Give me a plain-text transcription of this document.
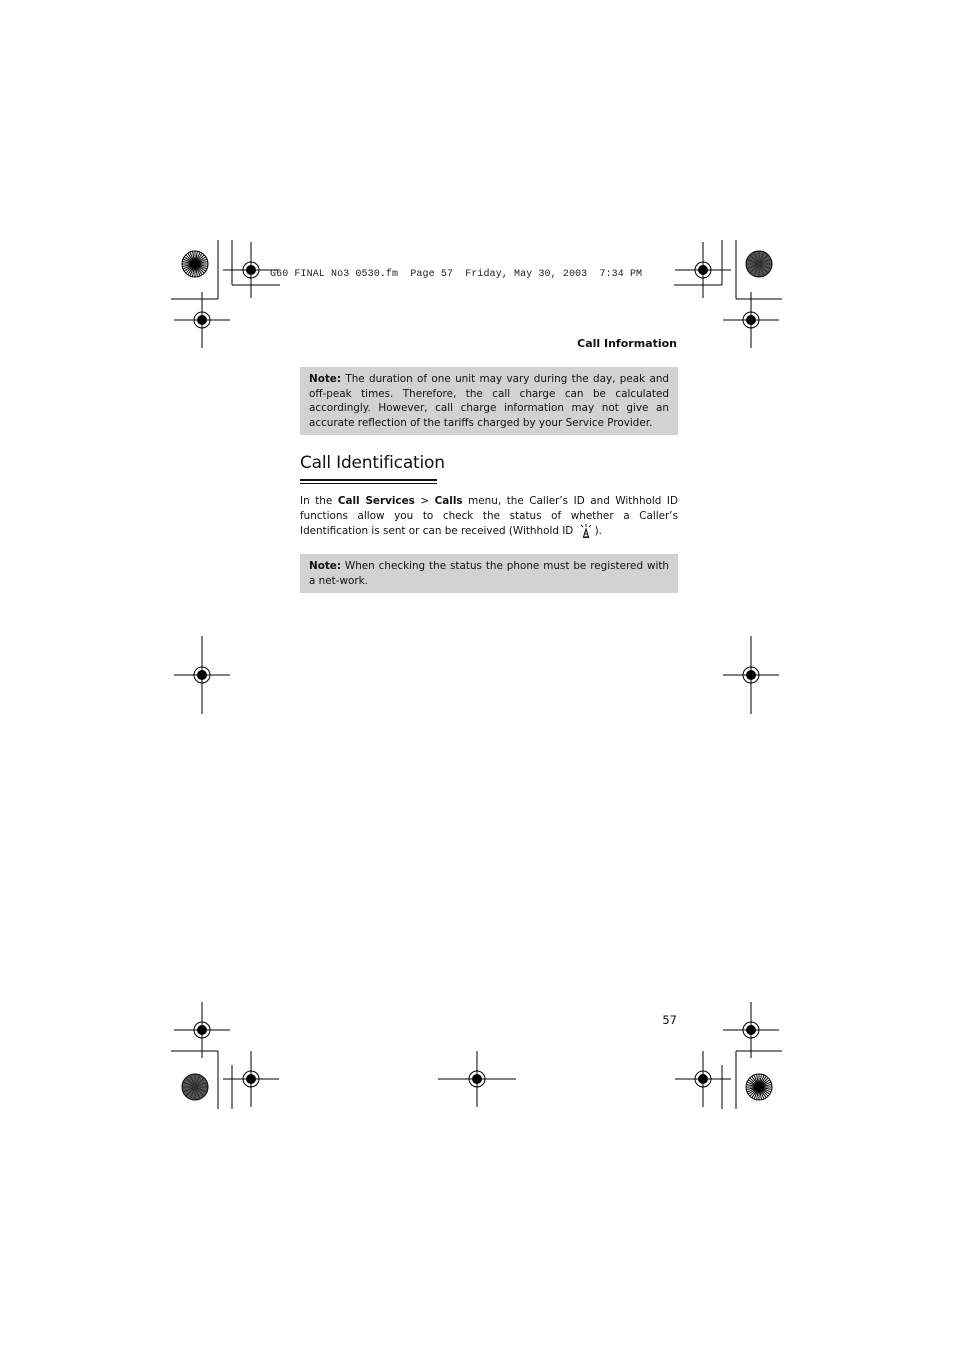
G60 FINAL No3 0530.fm  Page 57  Friday, May 30, 2003  7:34 PM
Call Information
Note: The duration of one unit may vary during the day, peak and off-peak times. Therefore, the call charge can be calculated accordingly. However, call charge information may not give an accurate reflection of the tariffs charged by your Service Provider.
Call Identification

In the Call Services > Calls menu, the Caller’s ID and Withhold ID functions allow you to check the status of whether a Caller’s Identification is sent or can be received (Withhold ID ).

Note: When checking the status the phone must be registered with a net-work.
57
